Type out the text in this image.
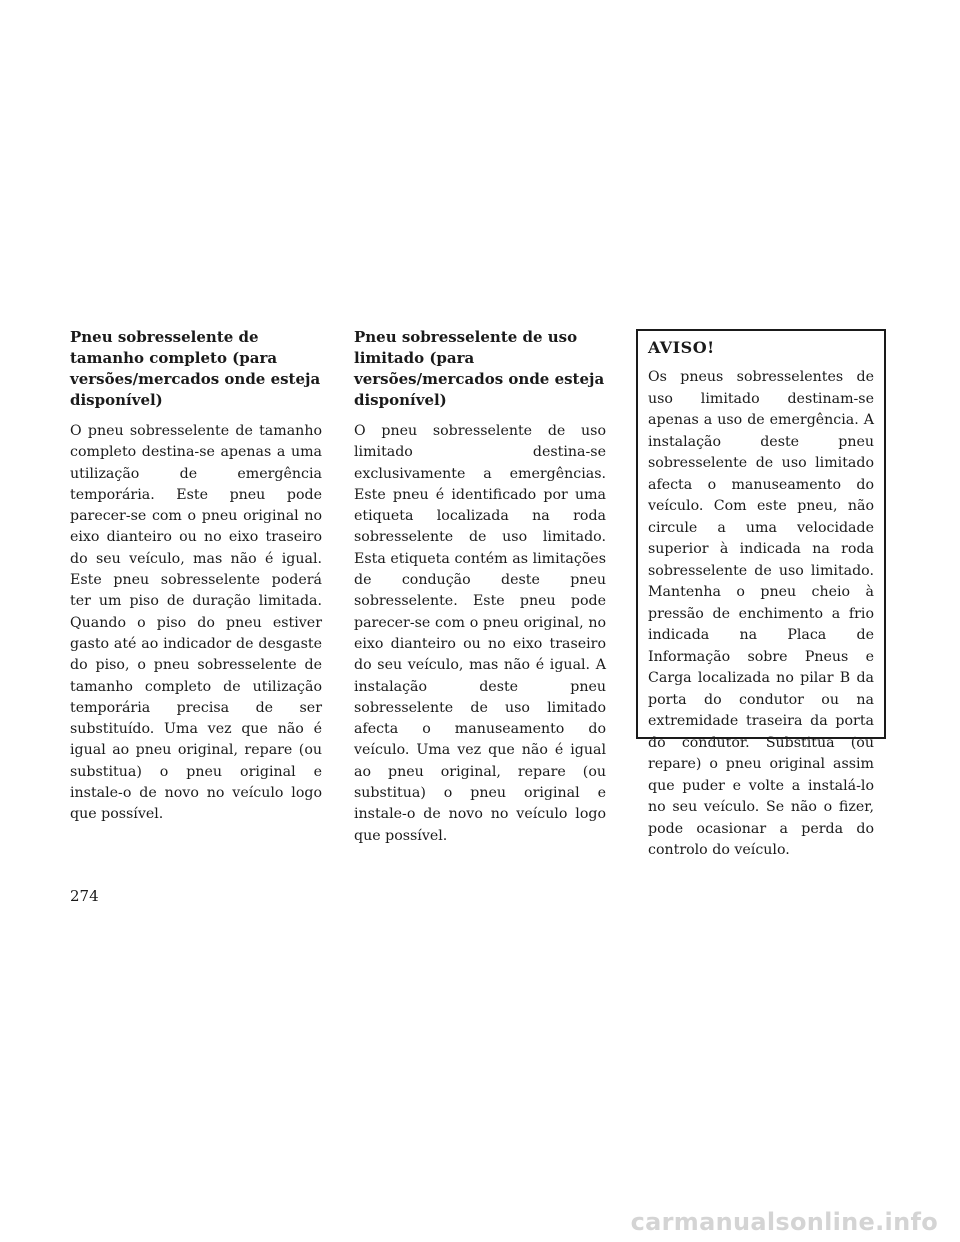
Pneu sobresselente de tamanho completo (para versões/mercados onde esteja disponível)

O pneu sobresselente de tamanho completo destina-se apenas a uma utilização de emergência temporária. Este pneu pode parecer-se com o pneu original no eixo dianteiro ou no eixo traseiro do seu veículo, mas não é igual. Este pneu sobresselente poderá ter um piso de duração limitada. Quando o piso do pneu estiver gasto até ao indicador de desgaste do piso, o pneu sobresselente de tamanho completo de utilização temporária precisa de ser substituído. Uma vez que não é igual ao pneu original, repare (ou substitua) o pneu original e instale-o de novo no veículo logo que possível.

Pneu sobresselente de uso limitado (para versões/mercados onde esteja disponível)

O pneu sobresselente de uso limitado destina-se exclusivamente a emergências. Este pneu é identificado por uma etiqueta localizada na roda sobresselente de uso limitado. Esta etiqueta contém as limitações de condução deste pneu sobresselente. Este pneu pode parecer-se com o pneu original, no eixo dianteiro ou no eixo traseiro do seu veículo, mas não é igual. A instalação deste pneu sobresselente de uso limitado afecta o manuseamento do veículo. Uma vez que não é igual ao pneu original, repare (ou substitua) o pneu original e instale-o de novo no veículo logo que possível.

AVISO!

Os pneus sobresselentes de uso limitado destinam-se apenas a uso de emergência. A instalação deste pneu sobresselente de uso limitado afecta o manuseamento do veículo. Com este pneu, não circule a uma velocidade superior à indicada na roda sobresselente de uso limitado. Mantenha o pneu cheio à pressão de enchimento a frio indicada na Placa de Informação sobre Pneus e Carga localizada no pilar B da porta do condutor ou na extremidade traseira da porta do condutor. Substitua (ou repare) o pneu original assim que puder e volte a instalá-lo no seu veículo. Se não o fizer, pode ocasionar a perda do controlo do veículo.

274
carmanualsonline.info
